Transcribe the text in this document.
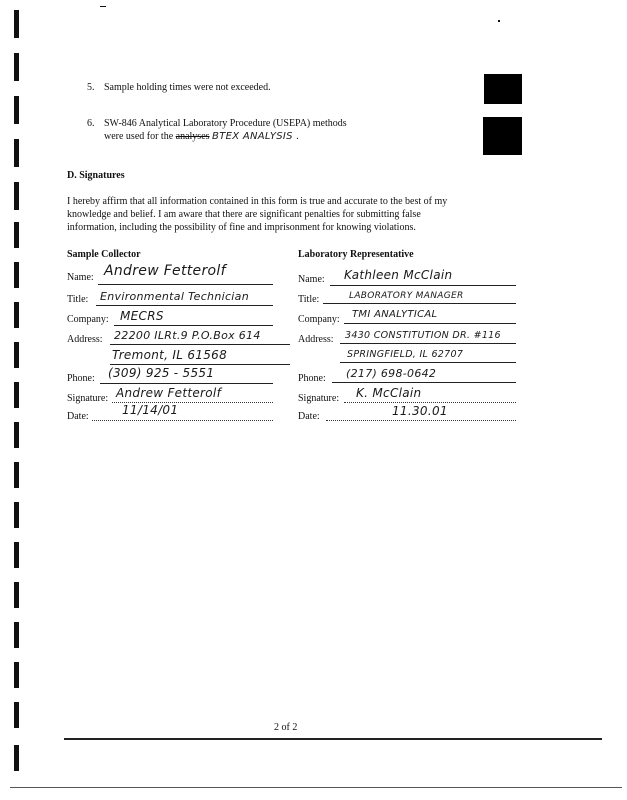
5. Sample holding times were not exceeded.
6. SW-846 Analytical Laboratory Procedure (USEPA) methods
were used for the analyses BTEX ANALYSIS .
D. Signatures
I hereby affirm that all information contained in this form is true and accurate to the best of my
knowledge and belief. I am aware that there are significant penalties for submitting false
information, including the possibility of fine and imprisonment for knowing violations.
Sample Collector	Laboratory Representative
Name: Andrew Fetterolf
Title: Environmental Technician
Company: MECRS
Address: 22200 ILRt.9 P.O.Box 614
Tremont, IL 61568
Phone: (309) 925 - 5551
Signature: Andrew Fetterolf
Date:	11/14/01
Name: Kathleen McClain
Title:	LABORATORY MANAGER
Company: TMI ANALYTICAL
Address: 3430 CONSTITUTION DR. #116
SPRINGFIELD, IL 62707
Phone: (217) 698-0642
Signature: K. McClain
Date:	11.30.01
2 of 2
